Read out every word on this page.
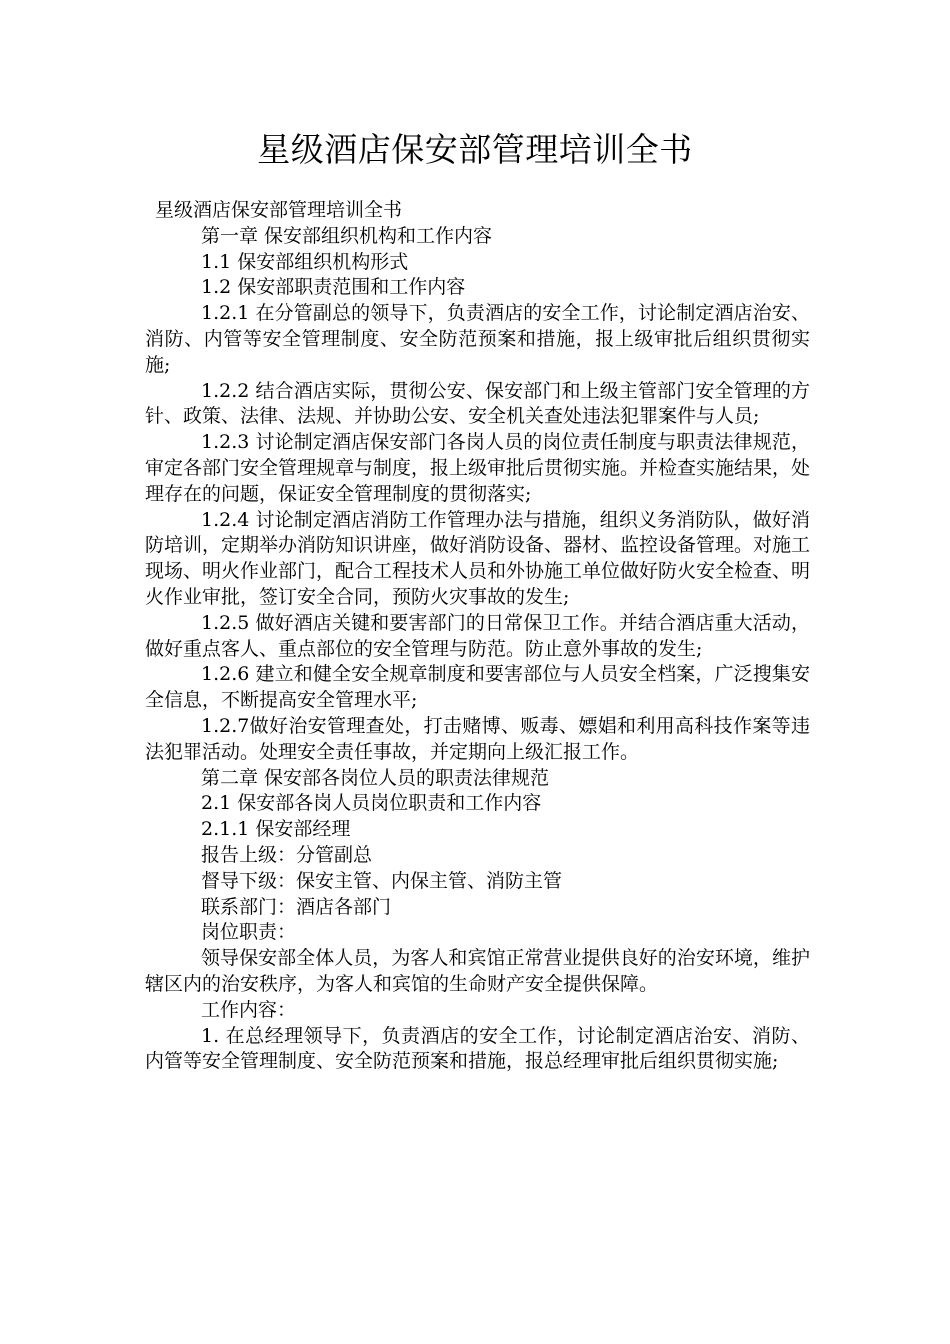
星级酒店保安部管理培训全书

星级酒店保安部管理培训全书

第一章 保安部组织机构和工作内容

1.1 保安部组织机构形式

1.2 保安部职责范围和工作内容

1.2.1 在分管副总的领导下，负责酒店的安全工作，讨论制定酒店治安、消防、内管等安全管理制度、安全防范预案和措施，报上级审批后组织贯彻实施;

1.2.2 结合酒店实际，贯彻公安、保安部门和上级主管部门安全管理的方针、政策、法律、法规、并协助公安、安全机关查处违法犯罪案件与人员;

1.2.3 讨论制定酒店保安部门各岗人员的岗位责任制度与职责法律规范，审定各部门安全管理规章与制度，报上级审批后贯彻实施。并检查实施结果，处理存在的问题，保证安全管理制度的贯彻落实;

1.2.4 讨论制定酒店消防工作管理办法与措施，组织义务消防队，做好消防培训，定期举办消防知识讲座，做好消防设备、器材、监控设备管理。对施工现场、明火作业部门，配合工程技术人员和外协施工单位做好防火安全检查、明火作业审批，签订安全合同，预防火灾事故的发生;

1.2.5 做好酒店关键和要害部门的日常保卫工作。并结合酒店重大活动，做好重点客人、重点部位的安全管理与防范。防止意外事故的发生;

1.2.6 建立和健全安全规章制度和要害部位与人员安全档案，广泛搜集安全信息，不断提高安全管理水平;

1.2.7做好治安管理查处，打击赌博、贩毒、嫖娼和利用高科技作案等违法犯罪活动。处理安全责任事故，并定期向上级汇报工作。

第二章 保安部各岗位人员的职责法律规范

2.1 保安部各岗人员岗位职责和工作内容

2.1.1 保安部经理

报告上级：分管副总

督导下级：保安主管、内保主管、消防主管

联系部门：酒店各部门

岗位职责：

领导保安部全体人员，为客人和宾馆正常营业提供良好的治安环境，维护辖区内的治安秩序，为客人和宾馆的生命财产安全提供保障。

工作内容：

1. 在总经理领导下，负责酒店的安全工作，讨论制定酒店治安、消防、内管等安全管理制度、安全防范预案和措施，报总经理审批后组织贯彻实施;
